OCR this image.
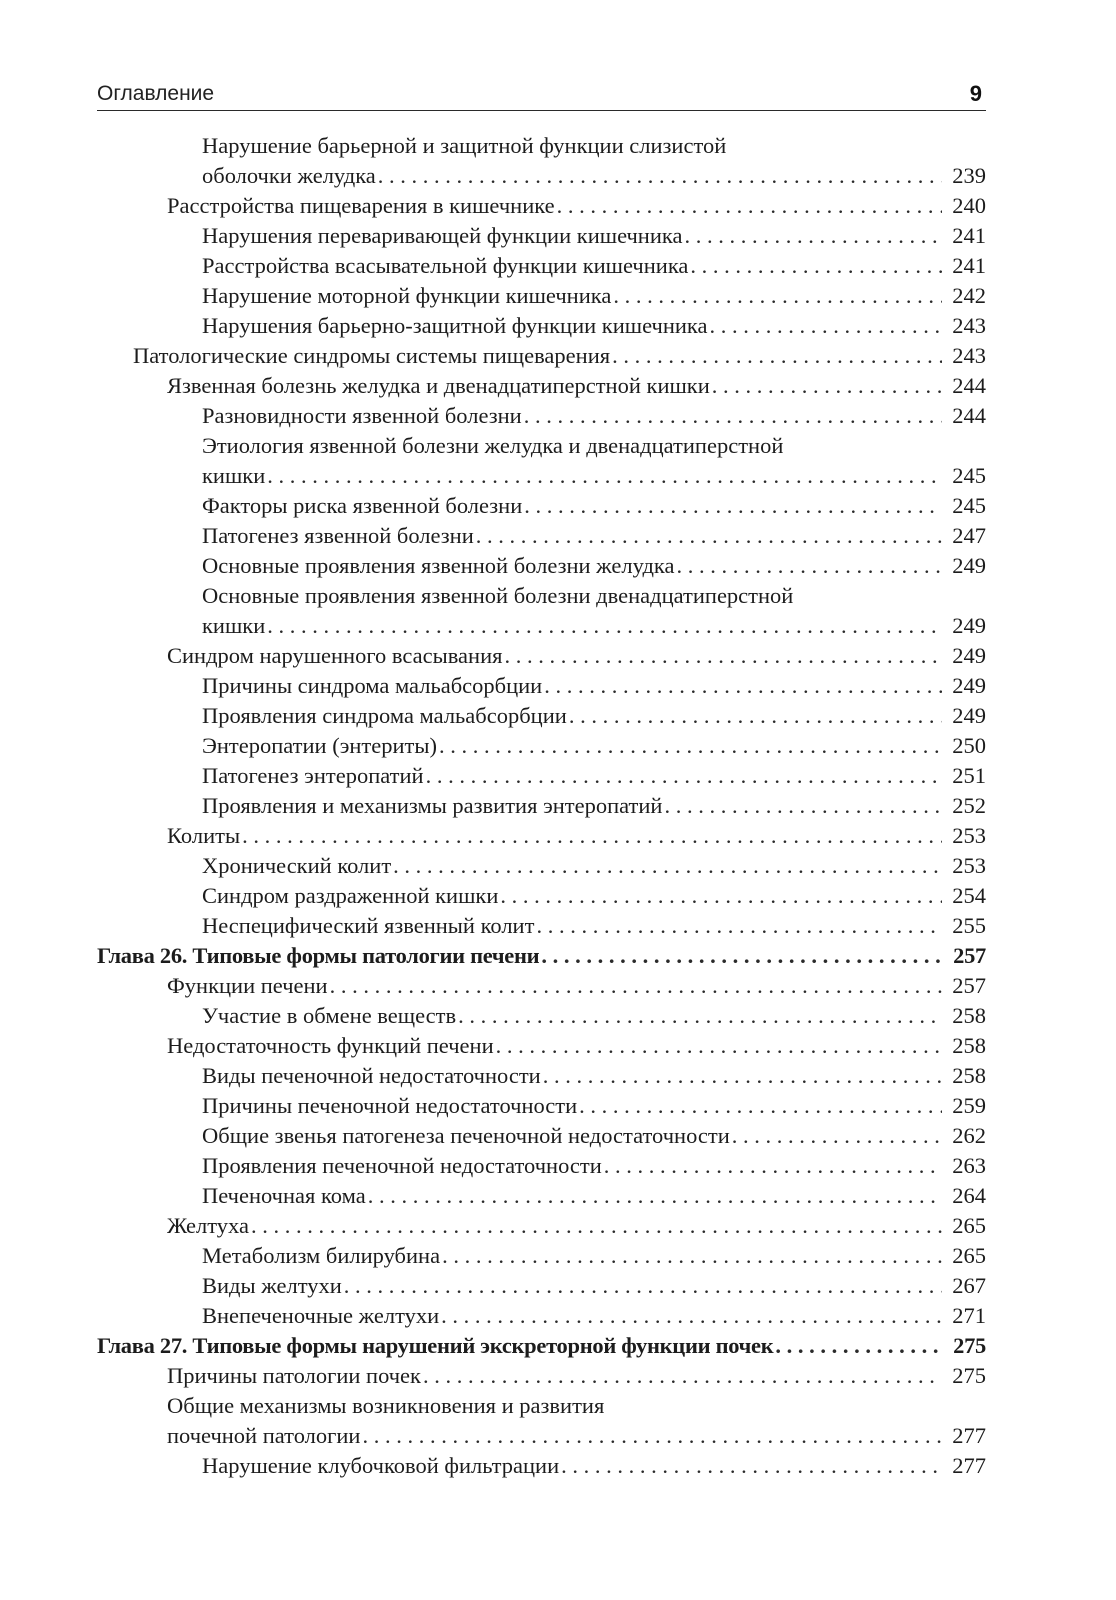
Оглавление	9
Нарушение барьерной и защитной функции слизистой
оболочки желудка . . .	239
Расстройства пищеварения в кишечнике . . .	240
Нарушения переваривающей функции кишечника . . .	241
Расстройства всасывательной функции кишечника . . .	241
Нарушение моторной функции кишечника . . .	242
Нарушения барьерно-защитной функции кишечника . . .	243
Патологические синдромы системы пищеварения . . .	243
Язвенная болезнь желудка и двенадцатиперстной кишки . . .	244
Разновидности язвенной болезни . . .	244
Этиология язвенной болезни желудка и двенадцатиперстной
кишки . . .	245
Факторы риска язвенной болезни . . .	245
Патогенез язвенной болезни . . .	247
Основные проявления язвенной болезни желудка . . .	249
Основные проявления язвенной болезни двенадцатиперстной
кишки . . .	249
Синдром нарушенного всасывания . . .	249
Причины синдрома мальабсорбции . . .	249
Проявления синдрома мальабсорбции . . .	249
Энтеропатии (энтериты) . . .	250
Патогенез энтеропатий . . .	251
Проявления и механизмы развития энтеропатий . . .	252
Колиты . . .	253
Хронический колит . . .	253
Синдром раздраженной кишки . . .	254
Неспецифический язвенный колит . . .	255
Глава 26. Типовые формы патологии печени . . .	257
Функции печени . . .	257
Участие в обмене веществ . . .	258
Недостаточность функций печени . . .	258
Виды печеночной недостаточности . . .	258
Причины печеночной недостаточности . . .	259
Общие звенья патогенеза печеночной недостаточности . . .	262
Проявления печеночной недостаточности . . .	263
Печеночная кома . . .	264
Желтуха . . .	265
Метаболизм билирубина . . .	265
Виды желтухи . . .	267
Внепеченочные желтухи . . .	271
Глава 27. Типовые формы нарушений экскреторной функции почек . . .	275
Причины патологии почек . . .	275
Общие механизмы возникновения и развития
почечной патологии . . .	277
Нарушение клубочковой фильтрации . . .	277
